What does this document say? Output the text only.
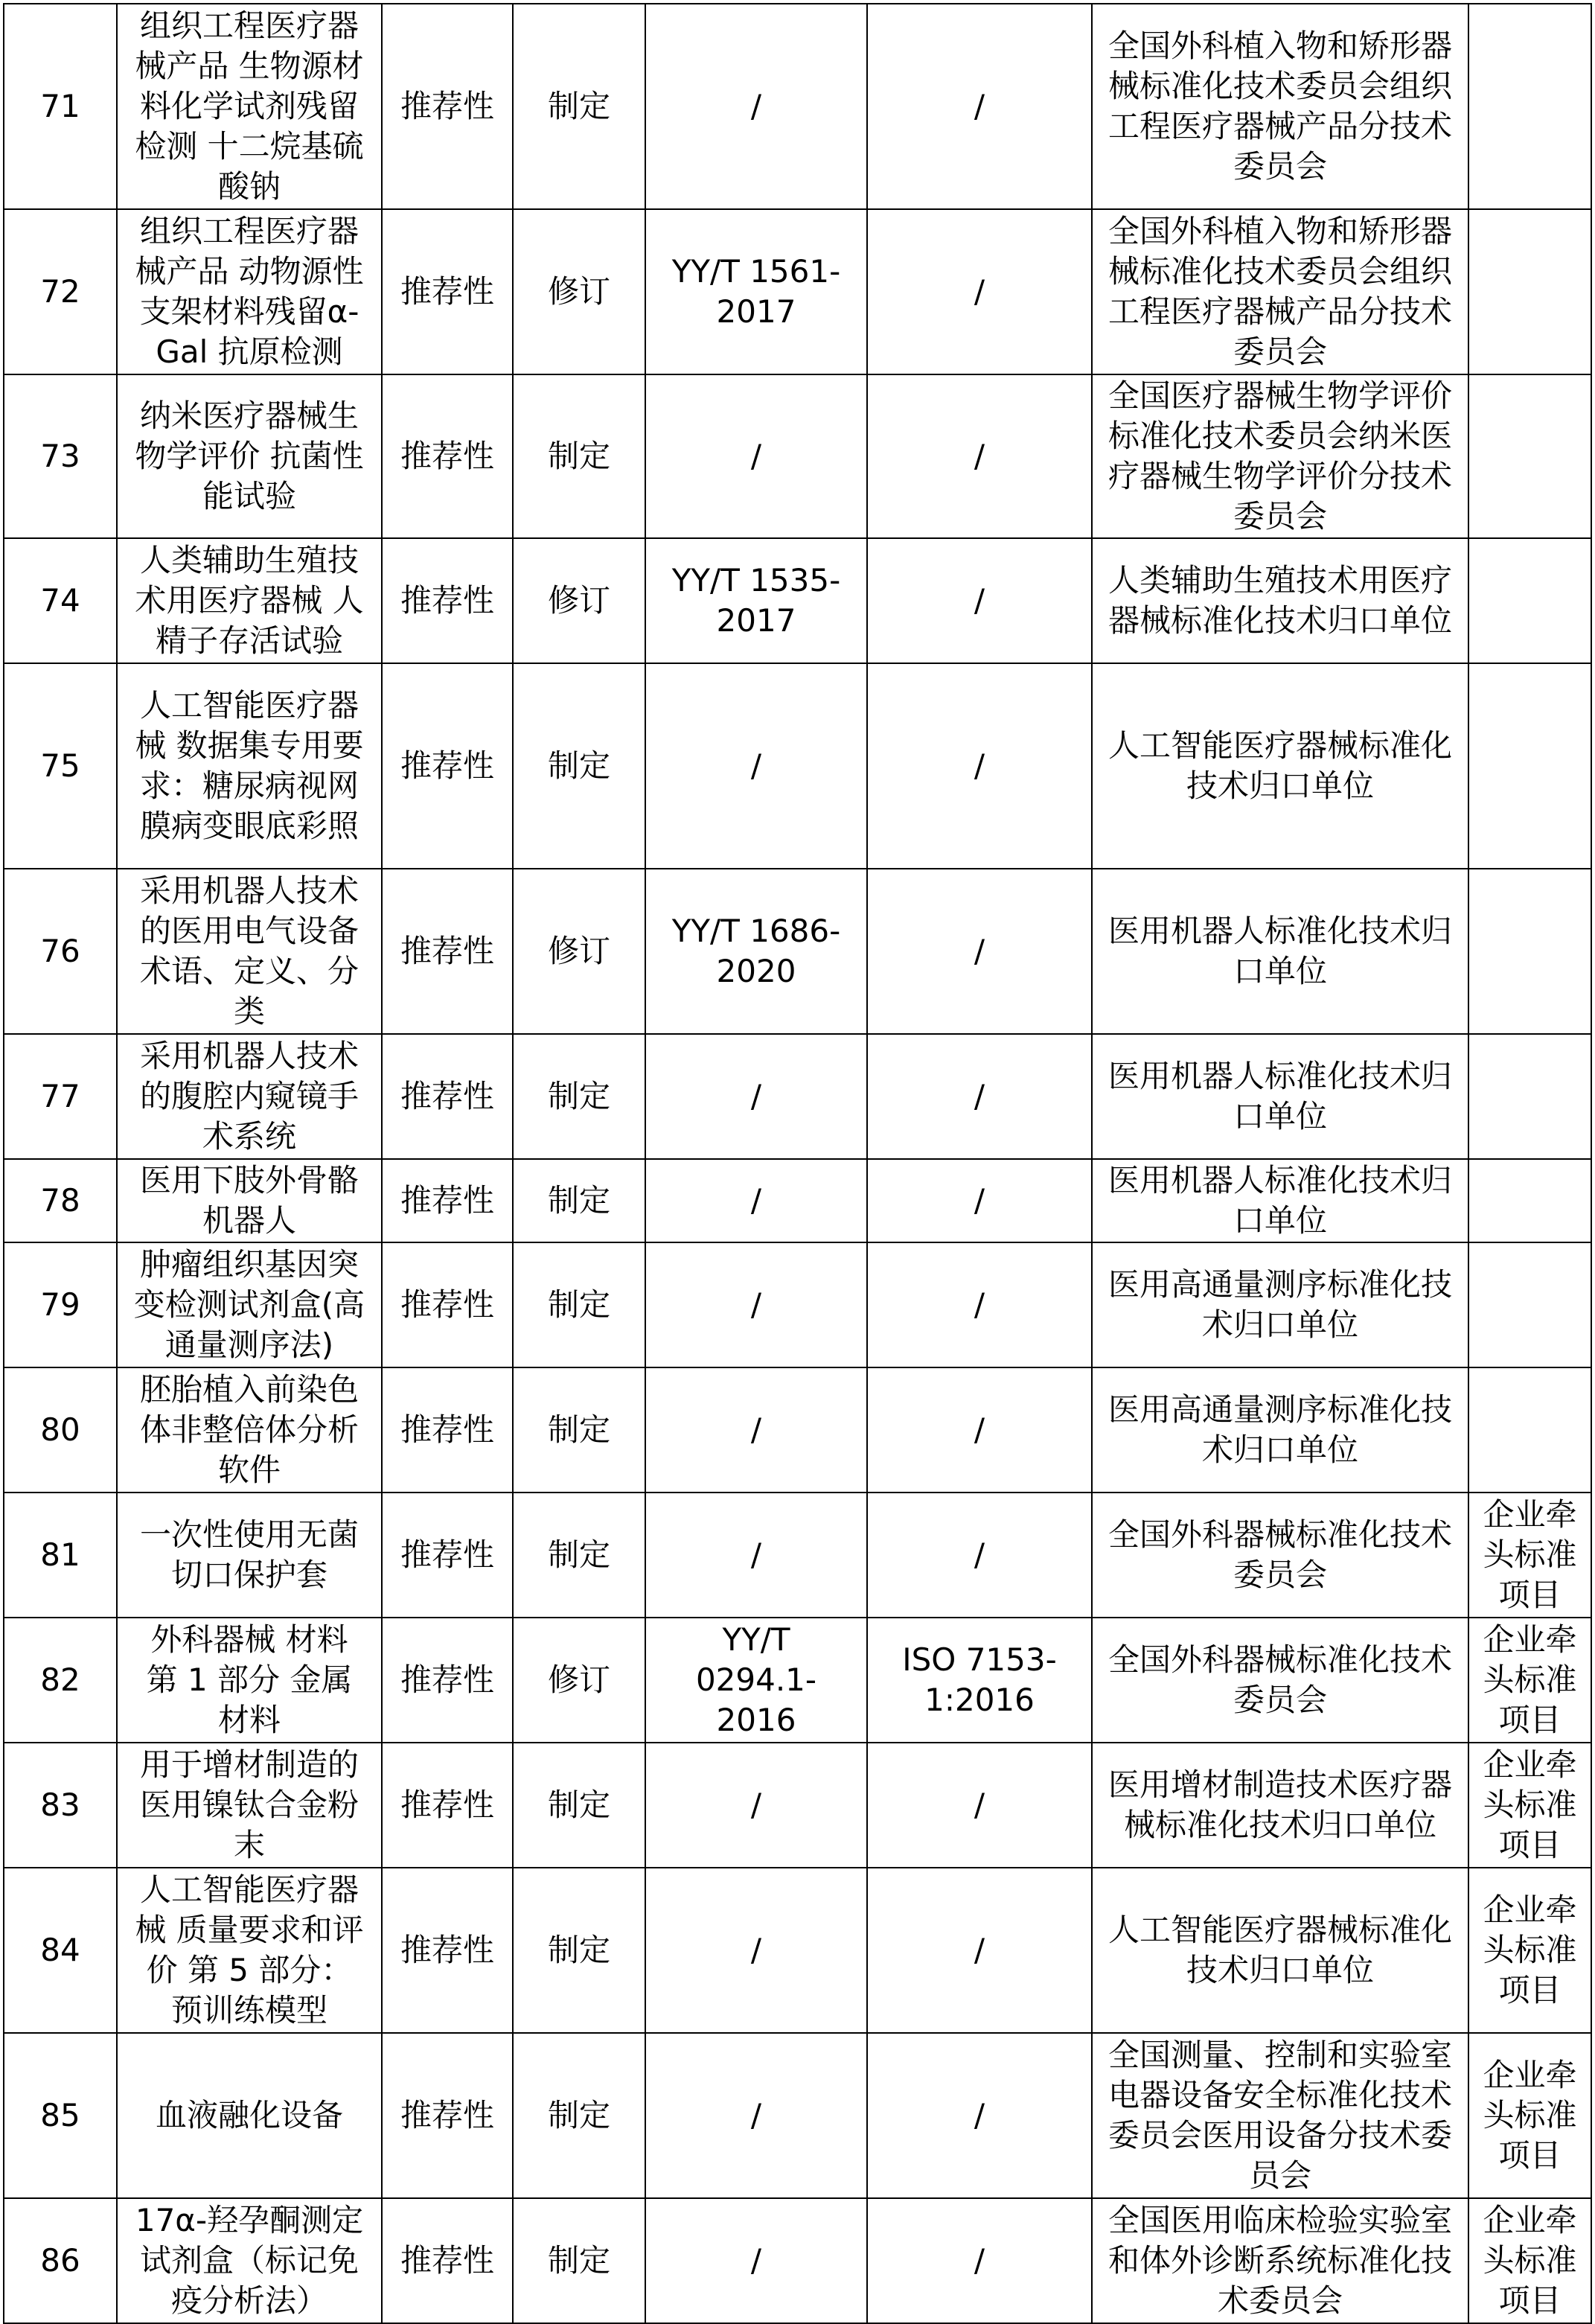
71	组织工程医疗器械产品 生物源材料化学试剂残留检测 十二烷基硫酸钠	推荐性	制定	/	/	全国外科植入物和矫形器械标准化技术委员会组织工程医疗器械产品分技术委员会	
72	组织工程医疗器械产品 动物源性支架材料残留α-Gal 抗原检测	推荐性	修订	YY/T 1561-2017	/	全国外科植入物和矫形器械标准化技术委员会组织工程医疗器械产品分技术委员会	
73	纳米医疗器械生物学评价 抗菌性能试验	推荐性	制定	/	/	全国医疗器械生物学评价标准化技术委员会纳米医疗器械生物学评价分技术委员会	
74	人类辅助生殖技术用医疗器械 人精子存活试验	推荐性	修订	YY/T 1535-2017	/	人类辅助生殖技术用医疗器械标准化技术归口单位	
75	人工智能医疗器械 数据集专用要求：糖尿病视网膜病变眼底彩照	推荐性	制定	/	/	人工智能医疗器械标准化技术归口单位	
76	采用机器人技术的医用电气设备 术语、定义、分类	推荐性	修订	YY/T 1686-2020	/	医用机器人标准化技术归口单位	
77	采用机器人技术的腹腔内窥镜手术系统	推荐性	制定	/	/	医用机器人标准化技术归口单位	
78	医用下肢外骨骼机器人	推荐性	制定	/	/	医用机器人标准化技术归口单位	
79	肿瘤组织基因突变检测试剂盒(高通量测序法)	推荐性	制定	/	/	医用高通量测序标准化技术归口单位	
80	胚胎植入前染色体非整倍体分析软件	推荐性	制定	/	/	医用高通量测序标准化技术归口单位	
81	一次性使用无菌切口保护套	推荐性	制定	/	/	全国外科器械标准化技术委员会	企业牵头标准项目
82	外科器械 材料 第 1 部分 金属材料	推荐性	修订	YY/T 0294.1-2016	ISO 7153-1:2016	全国外科器械标准化技术委员会	企业牵头标准项目
83	用于增材制造的医用镍钛合金粉末	推荐性	制定	/	/	医用增材制造技术医疗器械标准化技术归口单位	企业牵头标准项目
84	人工智能医疗器械 质量要求和评价 第 5 部分：预训练模型	推荐性	制定	/	/	人工智能医疗器械标准化技术归口单位	企业牵头标准项目
85	血液融化设备	推荐性	制定	/	/	全国测量、控制和实验室电器设备安全标准化技术委员会医用设备分技术委员会	企业牵头标准项目
86	17α-羟孕酮测定试剂盒（标记免疫分析法）	推荐性	制定	/	/	全国医用临床检验实验室和体外诊断系统标准化技术委员会	企业牵头标准项目
